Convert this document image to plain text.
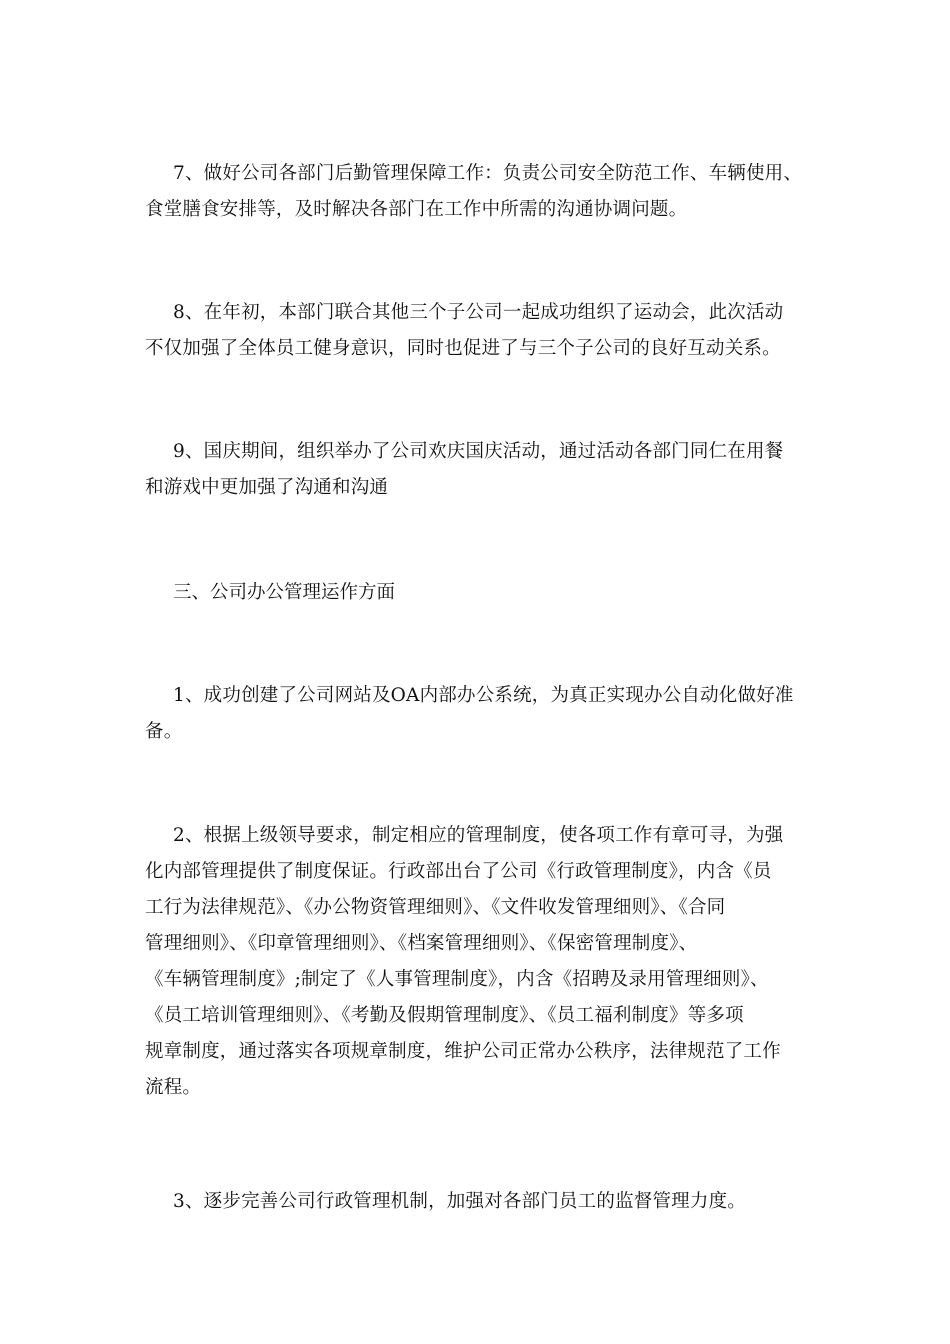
7、做好公司各部门后勤管理保障工作：负责公司安全防范工作、车辆使用、
食堂膳食安排等，及时解决各部门在工作中所需的沟通协调问题。
8、在年初，本部门联合其他三个子公司一起成功组织了运动会，此次活动
不仅加强了全体员工健身意识，同时也促进了与三个子公司的良好互动关系。
9、国庆期间，组织举办了公司欢庆国庆活动，通过活动各部门同仁在用餐
和游戏中更加强了沟通和沟通
三、公司办公管理运作方面
1、成功创建了公司网站及OA内部办公系统，为真正实现办公自动化做好准
备。
2、根据上级领导要求，制定相应的管理制度，使各项工作有章可寻，为强
化内部管理提供了制度保证。行政部出台了公司《行政管理制度》，内含《员
工行为法律规范》、《办公物资管理细则》、《文件收发管理细则》、《合同
管理细则》、《印章管理细则》、《档案管理细则》、《保密管理制度》、
《车辆管理制度》;制定了《人事管理制度》，内含《招聘及录用管理细则》、
《员工培训管理细则》、《考勤及假期管理制度》、《员工福利制度》等多项
规章制度，通过落实各项规章制度，维护公司正常办公秩序，法律规范了工作
流程。
3、逐步完善公司行政管理机制，加强对各部门员工的监督管理力度。
